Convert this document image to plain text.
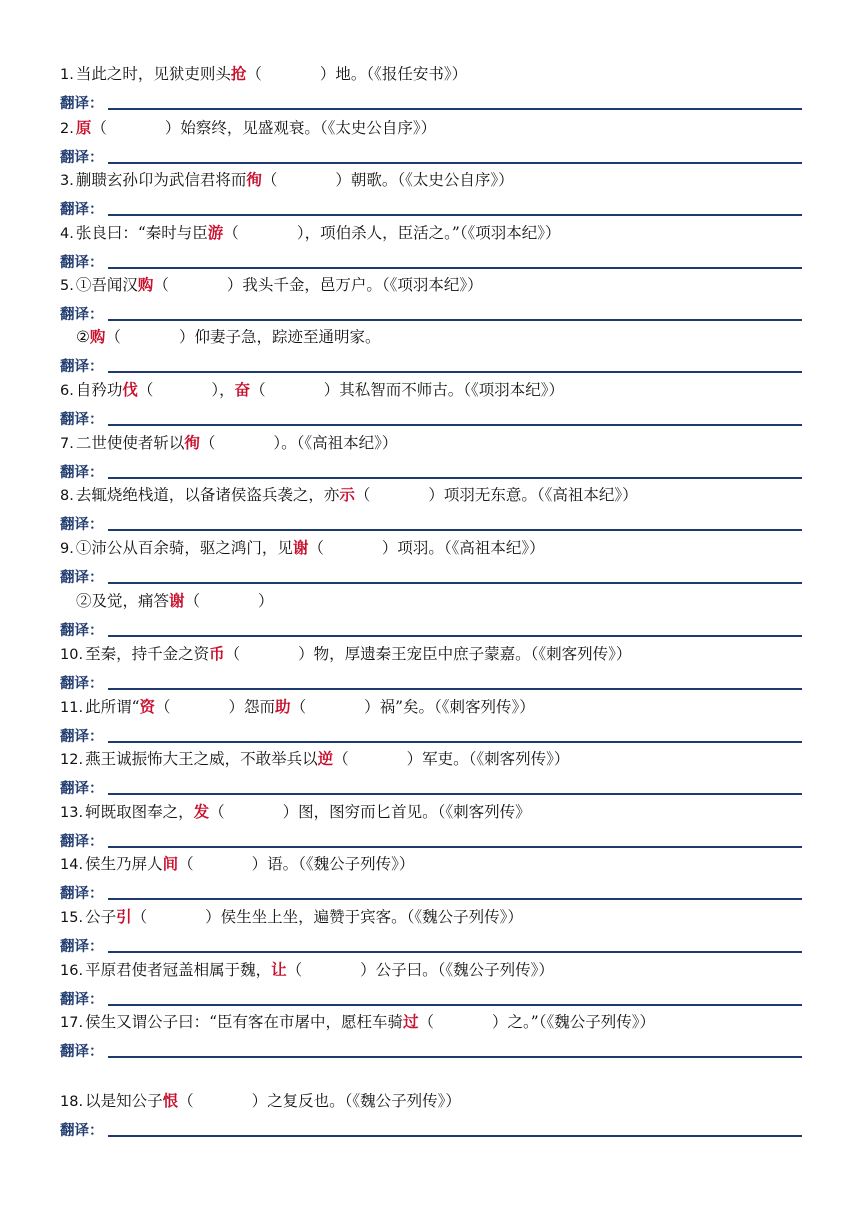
1. 当此之时，见狱吏则头抢（	）地。（《报任安书》）
翻译：
2. 原（	）始察终，见盛观衰。（《太史公自序》）
翻译：
3. 蒯聩玄孙卬为武信君将而徇（	）朝歌。（《太史公自序》）
翻译：
4. 张良曰：“秦时与臣游（	），项伯杀人，臣活之。”（《项羽本纪》）
翻译：
5. ①吾闻汉购（	）我头千金，邑万户。（《项羽本纪》）
翻译：
②购（	）仰妻子急，踪迹至通明家。
翻译：
6. 自矜功伐（	），奋（	）其私智而不师古。（《项羽本纪》）
翻译：
7. 二世使使者斩以徇（	）。（《高祖本纪》）
翻译：
8. 去辄烧绝栈道，以备诸侯盗兵袭之，亦示（	）项羽无东意。（《高祖本纪》）
翻译：
9. ①沛公从百余骑，驱之鸿门，见谢（	）项羽。（《高祖本纪》）
翻译：
②及觉，痛答谢（	）
翻译：
10. 至秦，持千金之资币（	）物，厚遗秦王宠臣中庶子蒙嘉。（《刺客列传》）
翻译：
11. 此所谓“资（	）怨而助（	）祸”矣。（《刺客列传》）
翻译：
12. 燕王诚振怖大王之威，不敢举兵以逆（	）军吏。（《刺客列传》）
翻译：
13. 轲既取图奉之，发（	）图，图穷而匕首见。（《刺客列传》
翻译：
14. 侯生乃屏人间（	）语。（《魏公子列传》）
翻译：
15. 公子引（	）侯生坐上坐，遍赞于宾客。（《魏公子列传》）
翻译：
16. 平原君使者冠盖相属于魏，让（	）公子曰。（《魏公子列传》）
翻译：
17. 侯生又谓公子曰：“臣有客在市屠中，愿枉车骑过（	）之。”（《魏公子列传》）
翻译：
18. 以是知公子恨（	）之复反也。（《魏公子列传》）
翻译：
